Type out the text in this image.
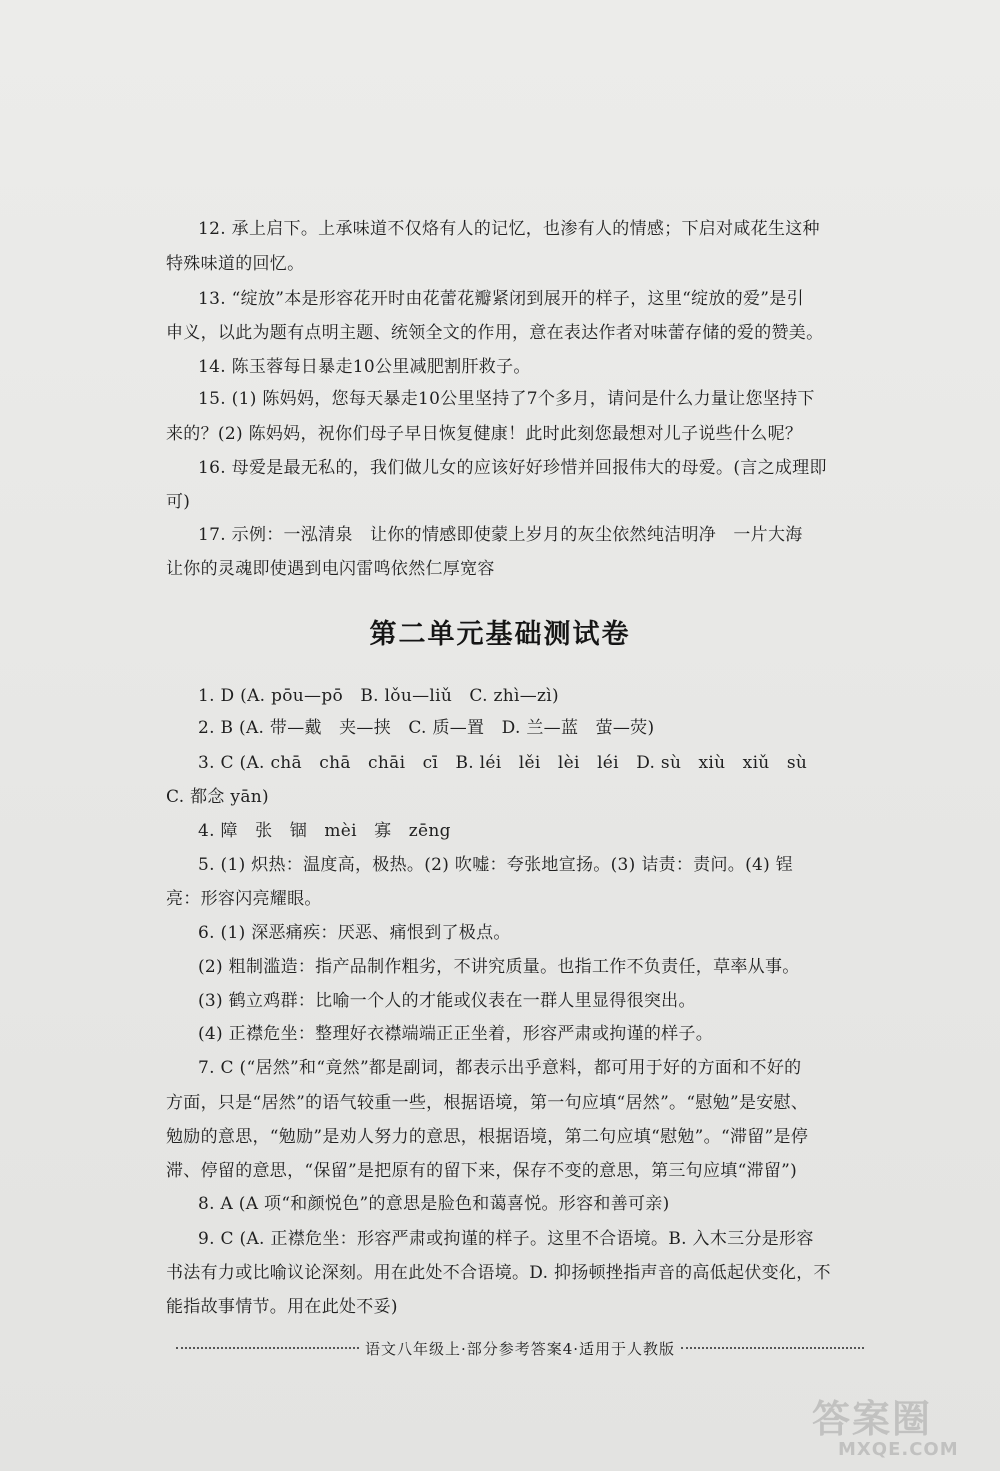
12. 承上启下。上承味道不仅烙有人的记忆，也渗有人的情感；下启对咸花生这种
特殊味道的回忆。
13. “绽放”本是形容花开时由花蕾花瓣紧闭到展开的样子，这里“绽放的爱”是引
申义，以此为题有点明主题、统领全文的作用，意在表达作者对味蕾存储的爱的赞美。
14. 陈玉蓉每日暴走10公里减肥割肝救子。
15. (1) 陈妈妈，您每天暴走10公里坚持了7个多月，请问是什么力量让您坚持下
来的？(2) 陈妈妈，祝你们母子早日恢复健康！此时此刻您最想对儿子说些什么呢？
16. 母爱是最无私的，我们做儿女的应该好好珍惜并回报伟大的母爱。(言之成理即
可)
17. 示例：一泓清泉　让你的情感即使蒙上岁月的灰尘依然纯洁明净　一片大海
让你的灵魂即使遇到电闪雷鸣依然仁厚宽容
第二单元基础测试卷
1. D (A. pōu—pō　B. lǒu—liǔ　C. zhì—zì)
2. B (A. 带—戴　夹—挟　C. 质—置　D. 兰—蓝　萤—荧)
3. C (A. chā　chā　chāi　cī　B. léi　lěi　lèi　léi　D. sù　xiù　xiǔ　sù
C. 都念 yān)
4. 障　张　锢　mèi　寡　zēng
5. (1) 炽热：温度高，极热。(2) 吹嘘：夸张地宣扬。(3) 诘责：责问。(4) 锃
亮：形容闪亮耀眼。
6. (1) 深恶痛疾：厌恶、痛恨到了极点。
(2) 粗制滥造：指产品制作粗劣，不讲究质量。也指工作不负责任，草率从事。
(3) 鹤立鸡群：比喻一个人的才能或仪表在一群人里显得很突出。
(4) 正襟危坐：整理好衣襟端端正正坐着，形容严肃或拘谨的样子。
7. C (“居然”和“竟然”都是副词，都表示出乎意料，都可用于好的方面和不好的
方面，只是“居然”的语气较重一些，根据语境，第一句应填“居然”。“慰勉”是安慰、
勉励的意思，“勉励”是劝人努力的意思，根据语境，第二句应填“慰勉”。“滞留”是停
滞、停留的意思，“保留”是把原有的留下来，保存不变的意思，第三句应填“滞留”)
8. A (A 项“和颜悦色”的意思是脸色和蔼喜悦。形容和善可亲)
9. C (A. 正襟危坐：形容严肃或拘谨的样子。这里不合语境。B. 入木三分是形容
书法有力或比喻议论深刻。用在此处不合语境。D. 抑扬顿挫指声音的高低起伏变化，不
能指故事情节。用在此处不妥)
语文八年级上·部分参考答案4·适用于人教版
答案圈
MXQE.COM
